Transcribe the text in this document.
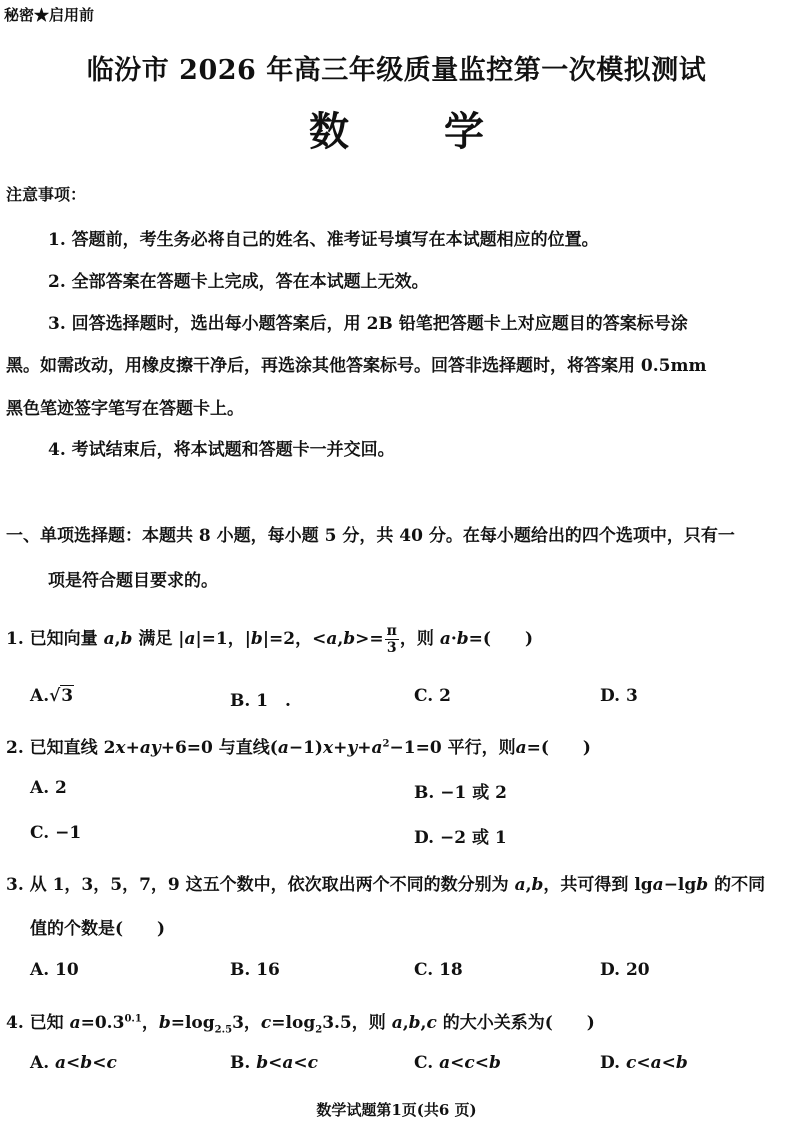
秘密★启用前
临汾市 2026 年高三年级质量监控第一次模拟测试
数 学
注意事项：
1. 答题前，考生务必将自己的姓名、准考证号填写在本试题相应的位置。
2. 全部答案在答题卡上完成，答在本试题上无效。
3. 回答选择题时，选出每小题答案后，用 2B 铅笔把答题卡上对应题目的答案标号涂
黑。如需改动，用橡皮擦干净后，再选涂其他答案标号。回答非选择题时，将答案用 0.5mm
黑色笔迹签字笔写在答题卡上。
4. 考试结束后，将本试题和答题卡一并交回。
一、单项选择题：本题共 8 小题，每小题 5 分，共 40 分。在每小题给出的四个选项中，只有一
项是符合题目要求的。
1. 已知向量 a,b 满足 |a|=1，|b|=2，$<a,b>= \frac{\pi}{3}$ ，则 a·b=(　　)
A.√3	B. 1　.	C. 2	D. 3
2. 已知直线 2x+ay+6=0 与直线$(a-1)x+y+a^2-1=0$ 平行，则a=(　　)
A. 2	B. −1 或 2
C. −1	D. −2 或 1
3. 从 1，3，5，7，9 这五个数中，依次取出两个不同的数分别为 a,b，共可得到 lga−lgb 的不同
值的个数是(　　)
A. 10	B. 16	C. 18	D. 20
4. 已知 $a=0.3^{0.1}$，$b=\log_{2.5}3$，$c=\log_23.5$，则 a,b,c 的大小关系为(　　)
A. a<b<c	B. b<a<c	C. a<c<b	D. c<a<b
数学试题第1页(共6 页)
